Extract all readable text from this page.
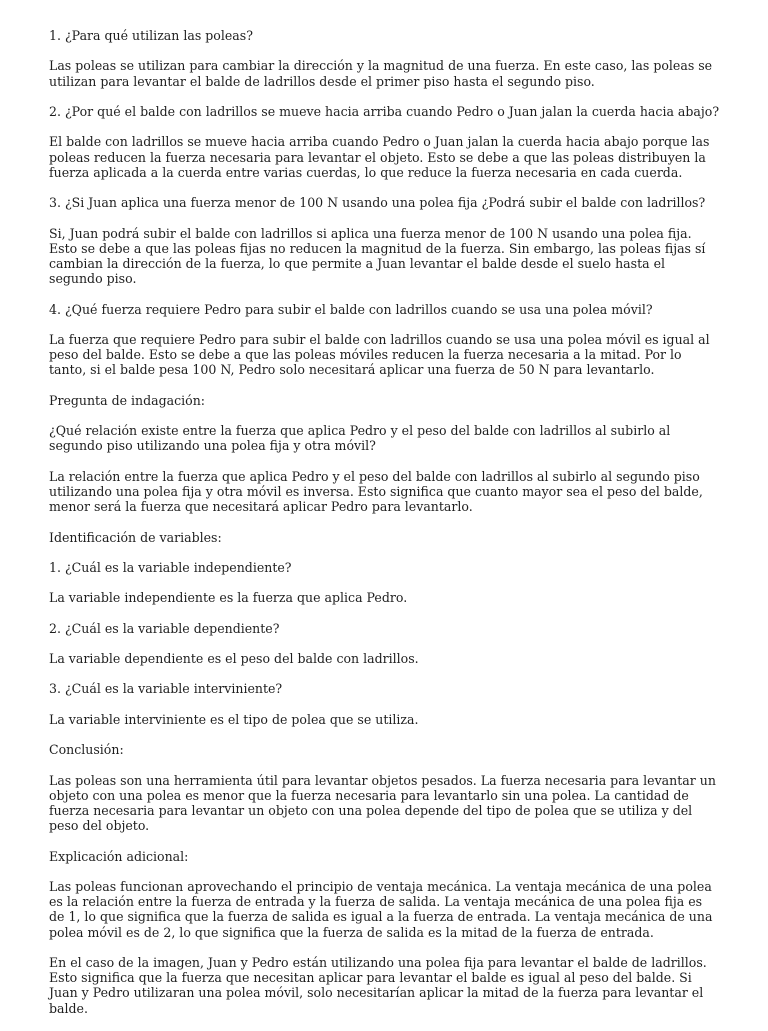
1. ¿Para qué utilizan las poleas?

Las poleas se utilizan para cambiar la dirección y la magnitud de una fuerza. En este caso, las poleas se utilizan para levantar el balde de ladrillos desde el primer piso hasta el segundo piso.

2. ¿Por qué el balde con ladrillos se mueve hacia arriba cuando Pedro o Juan jalan la cuerda hacia abajo?

El balde con ladrillos se mueve hacia arriba cuando Pedro o Juan jalan la cuerda hacia abajo porque las poleas reducen la fuerza necesaria para levantar el objeto. Esto se debe a que las poleas distribuyen la fuerza aplicada a la cuerda entre varias cuerdas, lo que reduce la fuerza necesaria en cada cuerda.

3. ¿Si Juan aplica una fuerza menor de 100 N usando una polea fija ¿Podrá subir el balde con ladrillos?

Si, Juan podrá subir el balde con ladrillos si aplica una fuerza menor de 100 N usando una polea fija. Esto se debe a que las poleas fijas no reducen la magnitud de la fuerza. Sin embargo, las poleas fijas sí cambian la dirección de la fuerza, lo que permite a Juan levantar el balde desde el suelo hasta el segundo piso.

4. ¿Qué fuerza requiere Pedro para subir el balde con ladrillos cuando se usa una polea móvil?

La fuerza que requiere Pedro para subir el balde con ladrillos cuando se usa una polea móvil es igual al peso del balde. Esto se debe a que las poleas móviles reducen la fuerza necesaria a la mitad. Por lo tanto, si el balde pesa 100 N, Pedro solo necesitará aplicar una fuerza de 50 N para levantarlo.

Pregunta de indagación:

¿Qué relación existe entre la fuerza que aplica Pedro y el peso del balde con ladrillos al subirlo al segundo piso utilizando una polea fija y otra móvil?

La relación entre la fuerza que aplica Pedro y el peso del balde con ladrillos al subirlo al segundo piso utilizando una polea fija y otra móvil es inversa. Esto significa que cuanto mayor sea el peso del balde, menor será la fuerza que necesitará aplicar Pedro para levantarlo.

Identificación de variables:

1. ¿Cuál es la variable independiente?

La variable independiente es la fuerza que aplica Pedro.

2. ¿Cuál es la variable dependiente?

La variable dependiente es el peso del balde con ladrillos.

3. ¿Cuál es la variable interviniente?

La variable interviniente es el tipo de polea que se utiliza.

Conclusión:

Las poleas son una herramienta útil para levantar objetos pesados. La fuerza necesaria para levantar un objeto con una polea es menor que la fuerza necesaria para levantarlo sin una polea. La cantidad de fuerza necesaria para levantar un objeto con una polea depende del tipo de polea que se utiliza y del peso del objeto.

Explicación adicional:

Las poleas funcionan aprovechando el principio de ventaja mecánica. La ventaja mecánica de una polea es la relación entre la fuerza de entrada y la fuerza de salida. La ventaja mecánica de una polea fija es de 1, lo que significa que la fuerza de salida es igual a la fuerza de entrada. La ventaja mecánica de una polea móvil es de 2, lo que significa que la fuerza de salida es la mitad de la fuerza de entrada.

En el caso de la imagen, Juan y Pedro están utilizando una polea fija para levantar el balde de ladrillos. Esto significa que la fuerza que necesitan aplicar para levantar el balde es igual al peso del balde. Si Juan y Pedro utilizaran una polea móvil, solo necesitarían aplicar la mitad de la fuerza para levantar el balde.
